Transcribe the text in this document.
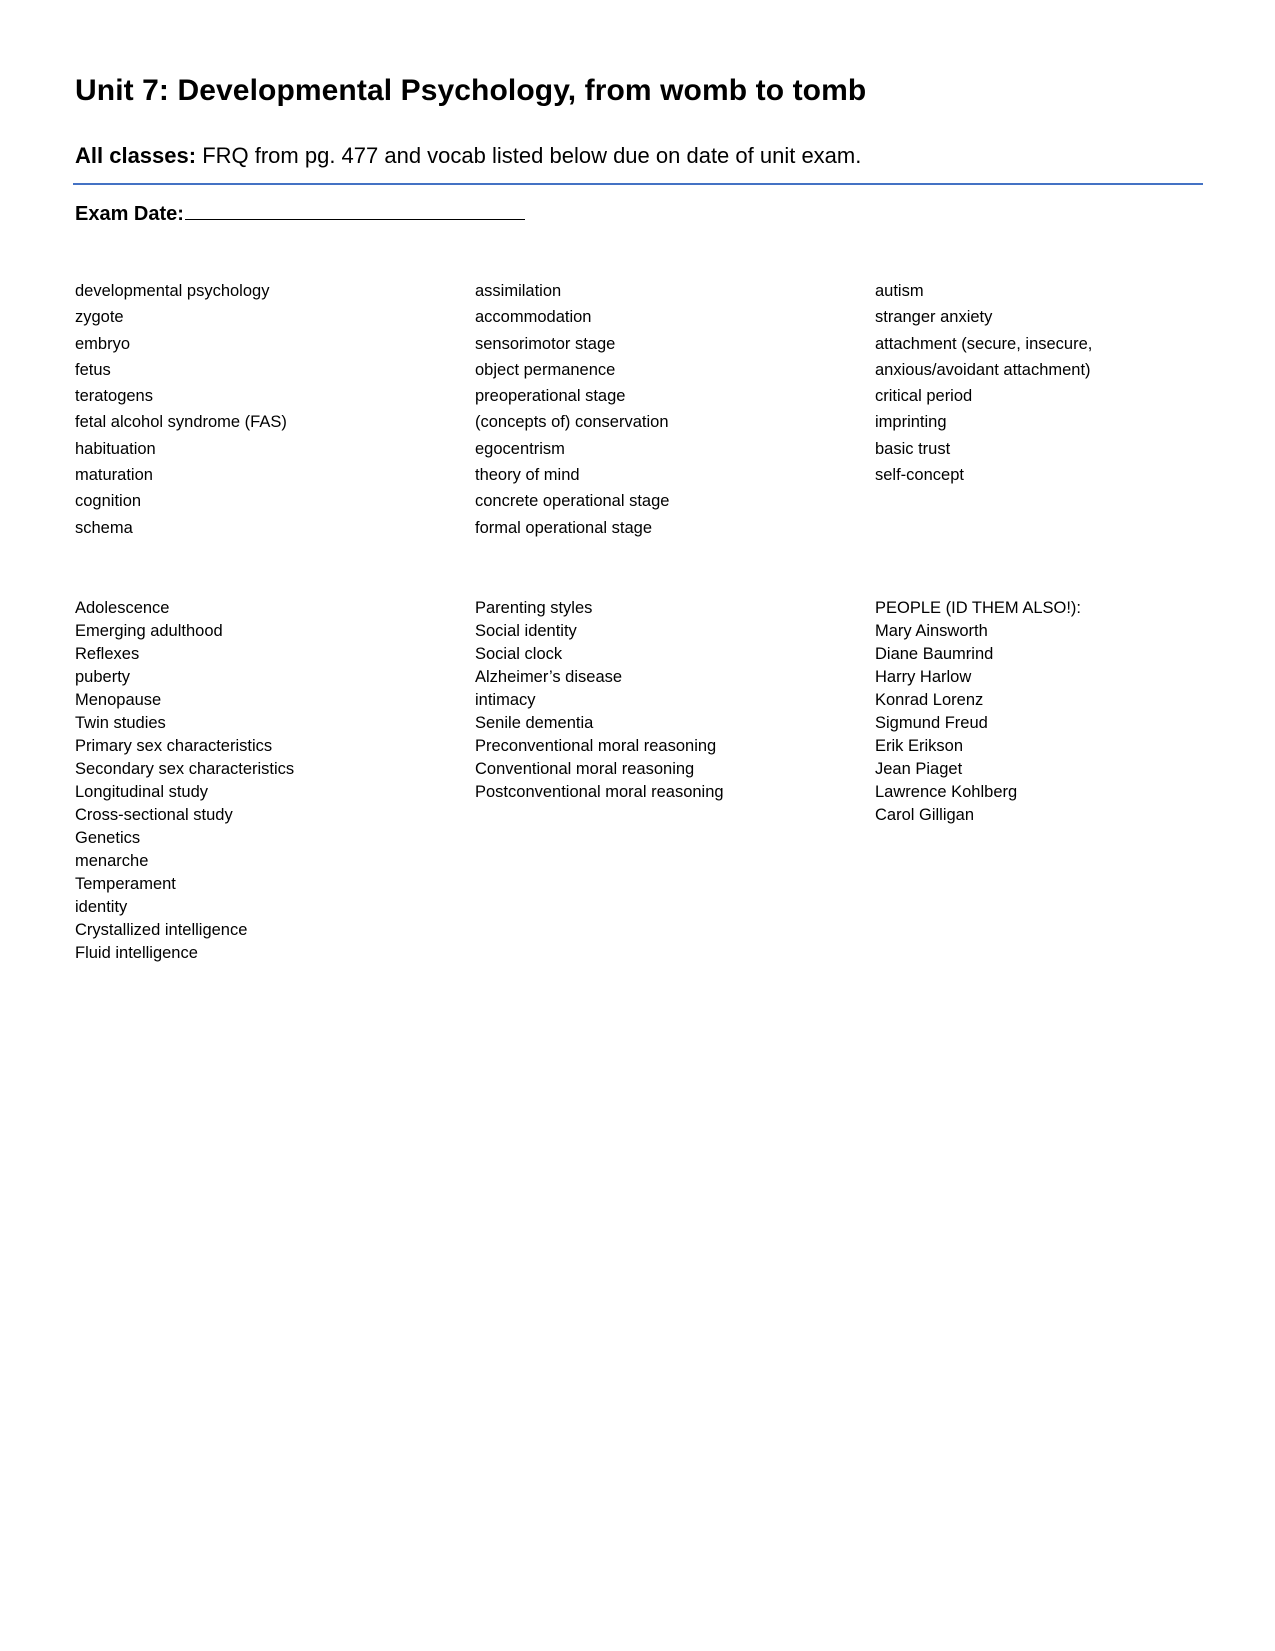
Unit 7: Developmental Psychology, from womb to tomb

All classes: FRQ from pg. 477 and vocab listed below due on date of unit exam.

Exam Date:
developmental psychology
zygote
embryo
fetus
teratogens
fetal alcohol syndrome (FAS)
habituation
maturation
cognition
schema
assimilation
accommodation
sensorimotor stage
object permanence
preoperational stage
(concepts of) conservation
egocentrism
theory of mind
concrete operational stage
formal operational stage
autism
stranger anxiety
attachment (secure, insecure,
anxious/avoidant attachment)
critical period
imprinting
basic trust
self-concept
Adolescence
Emerging adulthood
Reflexes
puberty
Menopause
Twin studies
Primary sex characteristics
Secondary sex characteristics
Longitudinal study
Cross-sectional study
Genetics
menarche
Temperament
identity
Crystallized intelligence
Fluid intelligence
Parenting styles
Social identity
Social clock
Alzheimer’s disease
intimacy
Senile dementia
Preconventional moral reasoning
Conventional moral reasoning
Postconventional moral reasoning
PEOPLE (ID THEM ALSO!):
Mary Ainsworth
Diane Baumrind
Harry Harlow
Konrad Lorenz
Sigmund Freud
Erik Erikson
Jean Piaget
Lawrence Kohlberg
Carol Gilligan
